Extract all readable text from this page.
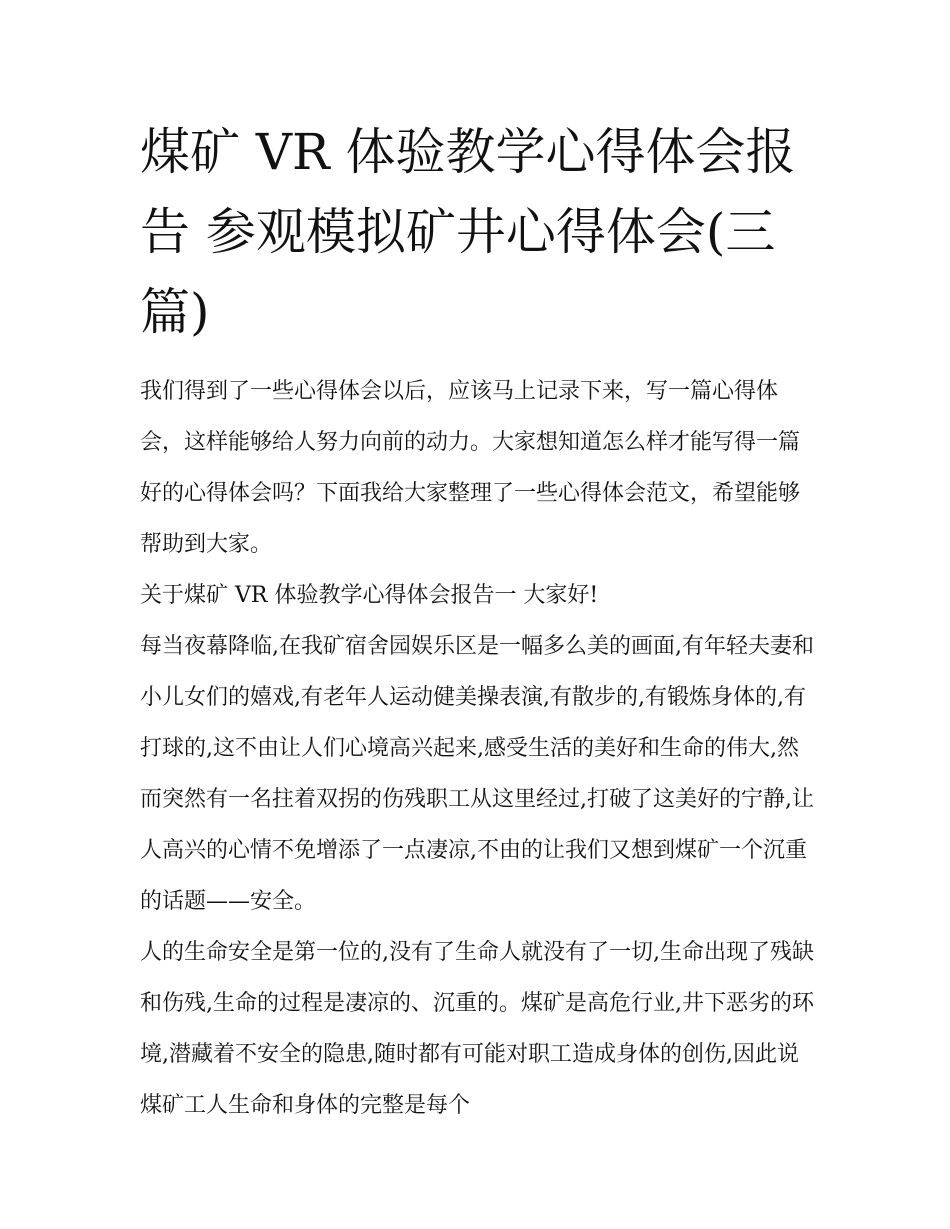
煤矿 VR 体验教学心得体会报
告 参观模拟矿井心得体会(三
篇)

我们得到了一些心得体会以后，应该马上记录下来，写一篇心得体会，这样能够给人努力向前的动力。大家想知道怎么样才能写得一篇好的心得体会吗？下面我给大家整理了一些心得体会范文，希望能够帮助到大家。

关于煤矿 VR 体验教学心得体会报告一 大家好!

每当夜幕降临,在我矿宿舍园娱乐区是一幅多么美的画面,有年轻夫妻和小儿女们的嬉戏,有老年人运动健美操表演,有散步的,有锻炼身体的,有打球的,这不由让人们心境高兴起来,感受生活的美好和生命的伟大,然而突然有一名拄着双拐的伤残职工从这里经过,打破了这美好的宁静,让人高兴的心情不免增添了一点凄凉,不由的让我们又想到煤矿一个沉重的话题——安全。

人的生命安全是第一位的,没有了生命人就没有了一切,生命出现了残缺和伤残,生命的过程是凄凉的、沉重的。煤矿是高危行业,井下恶劣的环境,潜藏着不安全的隐患,随时都有可能对职工造成身体的创伤,因此说煤矿工人生命和身体的完整是每个
